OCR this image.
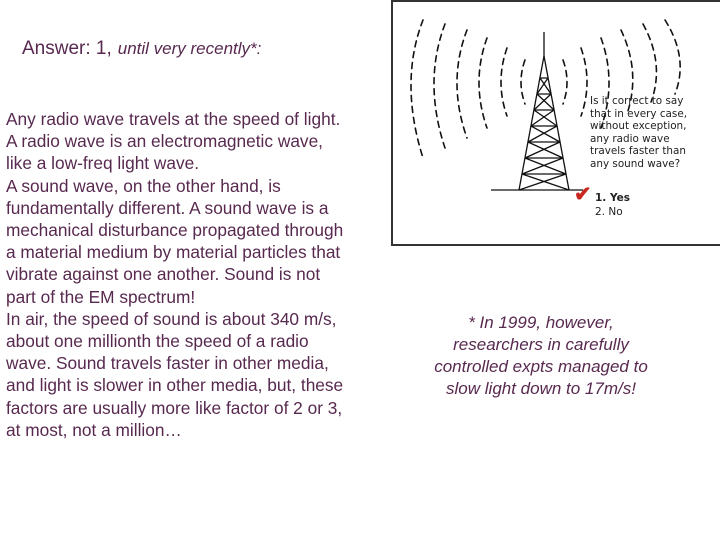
Answer: 1, until very recently*:
Any radio wave travels at the speed of light.
A radio wave is an electromagnetic wave,
like a low-freq light wave.
A sound wave, on the other hand, is
fundamentally different. A sound wave is a
mechanical disturbance propagated through
a material medium by material particles that
vibrate against one another. Sound is not
part of the EM spectrum!
In air, the speed of sound is about 340 m/s,
about one millionth the speed of a radio
wave. Sound travels faster in other media,
and light is slower in other media, but, these
factors are usually more like factor of 2 or 3,
at most, not a million…
* In 1999, however,
researchers in carefully
controlled expts managed to
slow light down to 17m/s!
Is it correct to say
that in every case,
without exception,
any radio wave
travels faster than
any sound wave?
✔ 1. Yes
2. No
